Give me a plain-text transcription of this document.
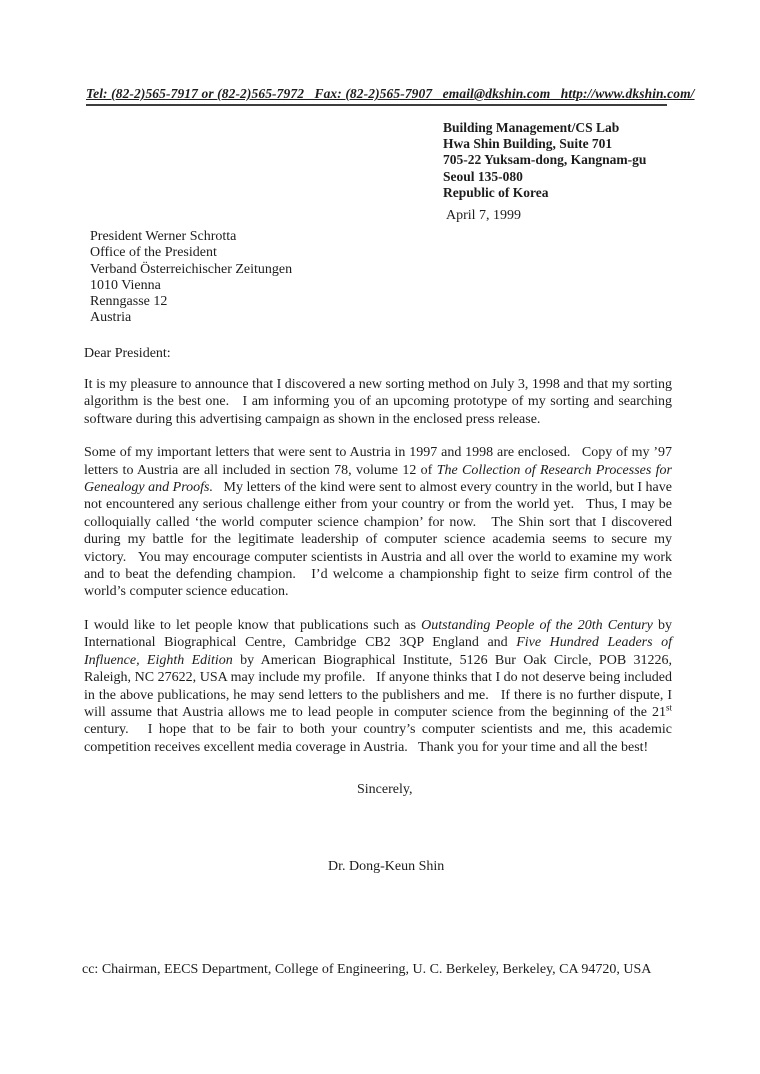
Tel: (82-2)565-7917 or (82-2)565-7972   Fax: (82-2)565-7907   email@dkshin.com   http://www.dkshin.com/
Building Management/CS Lab
Hwa Shin Building, Suite 701
705-22 Yuksam-dong, Kangnam-gu
Seoul 135-080
Republic of Korea
April 7, 1999
President Werner Schrotta
Office of the President
Verband Österreichischer Zeitungen
1010 Vienna
Renngasse 12
Austria
Dear President:

It is my pleasure to announce that I discovered a new sorting method on July 3, 1998 and that my sorting algorithm is the best one.   I am informing you of an upcoming prototype of my sorting and searching software during this advertising campaign as shown in the enclosed press release.

Some of my important letters that were sent to Austria in 1997 and 1998 are enclosed.   Copy of my ’97 letters to Austria are all included in section 78, volume 12 of The Collection of Research Processes for Genealogy and Proofs.   My letters of the kind were sent to almost every country in the world, but I have not encountered any serious challenge either from your country or from the world yet.   Thus, I may be colloquially called ‘the world computer science champion’ for now.   The Shin sort that I discovered during my battle for the legitimate leadership of computer science academia seems to secure my victory.   You may encourage computer scientists in Austria and all over the world to examine my work and to beat the defending champion.   I’d welcome a championship fight to seize firm control of the world’s computer science education.

I would like to let people know that publications such as Outstanding People of the 20th Century by International Biographical Centre, Cambridge CB2 3QP England and Five Hundred Leaders of Influence, Eighth Edition by American Biographical Institute, 5126 Bur Oak Circle, POB 31226, Raleigh, NC 27622, USA may include my profile.   If anyone thinks that I do not deserve being included in the above publications, he may send letters to the publishers and me.   If there is no further dispute, I will assume that Austria allows me to lead people in computer science from the beginning of the 21st century.   I hope that to be fair to both your country’s computer scientists and me, this academic competition receives excellent media coverage in Austria.   Thank you for your time and all the best!

Sincerely,
Dr. Dong-Keun Shin
cc: Chairman, EECS Department, College of Engineering, U. C. Berkeley, Berkeley, CA 94720, USA
